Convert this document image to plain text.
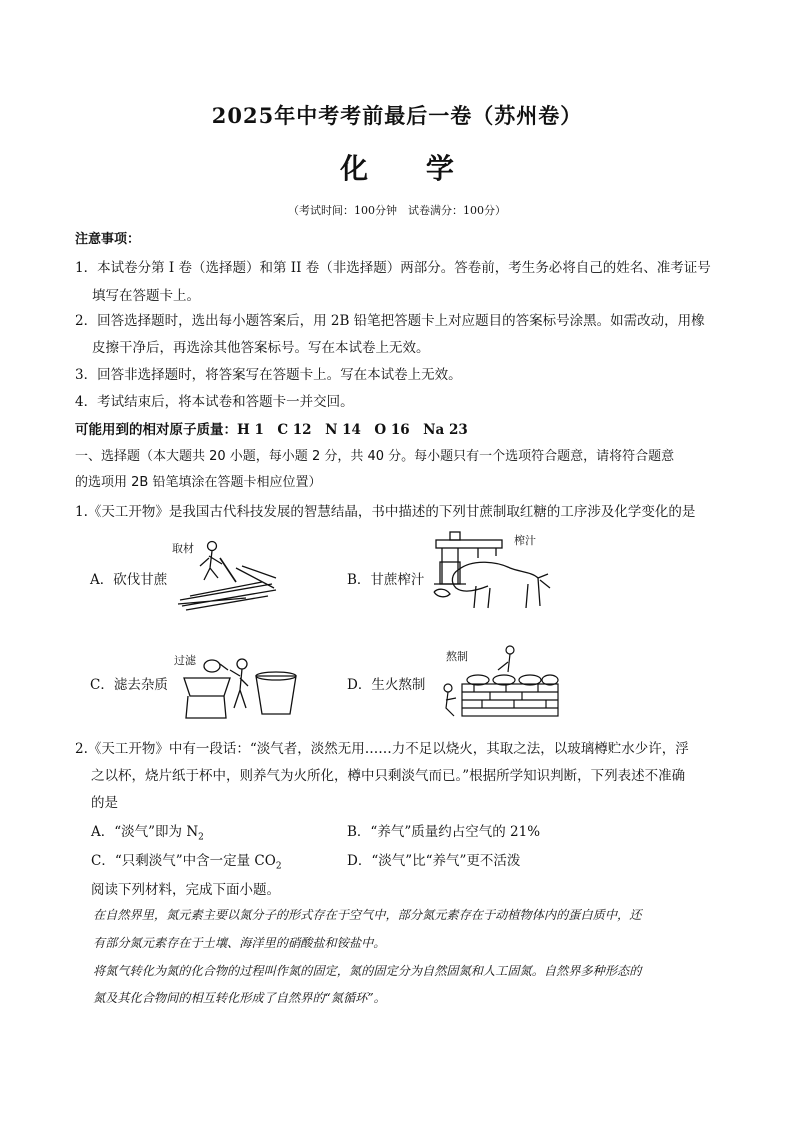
2025年中考考前最后一卷（苏州卷）
化 学
（考试时间：100分钟　试卷满分：100分）
注意事项：
1．本试卷分第 I 卷（选择题）和第 II 卷（非选择题）两部分。答卷前，考生务必将自己的姓名、准考证号
填写在答题卡上。
2．回答选择题时，选出每小题答案后，用 2B 铅笔把答题卡上对应题目的答案标号涂黑。如需改动，用橡
皮擦干净后，再选涂其他答案标号。写在本试卷上无效。
3．回答非选择题时，将答案写在答题卡上。写在本试卷上无效。
4．考试结束后，将本试卷和答题卡一并交回。
可能用到的相对原子质量：H 1　C 12　N 14　O 16　Na 23
一、选择题（本大题共 20 小题，每小题 2 分，共 40 分。每小题只有一个选项符合题意，请将符合题意
的选项用 2B 铅笔填涂在答题卡相应位置）
1.《天工开物》是我国古代科技发展的智慧结晶，书中描述的下列甘蔗制取红糖的工序涉及化学变化的是
A．砍伐甘蔗
取材
B．甘蔗榨汁
榨汁
C．滤去杂质
过滤
D．生火熬制
熬制
2.《天工开物》中有一段话：“淡气者，淡然无用……力不足以烧火，其取之法，以玻璃樽贮水少许，浮
之以杯，烧片纸于杯中，则养气为火所化，樽中只剩淡气而已。”根据所学知识判断，下列表述不准确
的是
A．“淡气”即为 $N_2$	B．“养气”质量约占空气的 21%
C．“只剩淡气”中含一定量 $CO_2$	D．“淡气”比“养气”更不活泼
阅读下列材料，完成下面小题。
在自然界里，氮元素主要以氮分子的形式存在于空气中，部分氮元素存在于动植物体内的蛋白质中，还
有部分氮元素存在于土壤、海洋里的硝酸盐和铵盐中。
将氮气转化为氮的化合物的过程叫作氮的固定，氮的固定分为自然固氮和人工固氮。自然界多种形态的
氮及其化合物间的相互转化形成了自然界的“氮循环”。
